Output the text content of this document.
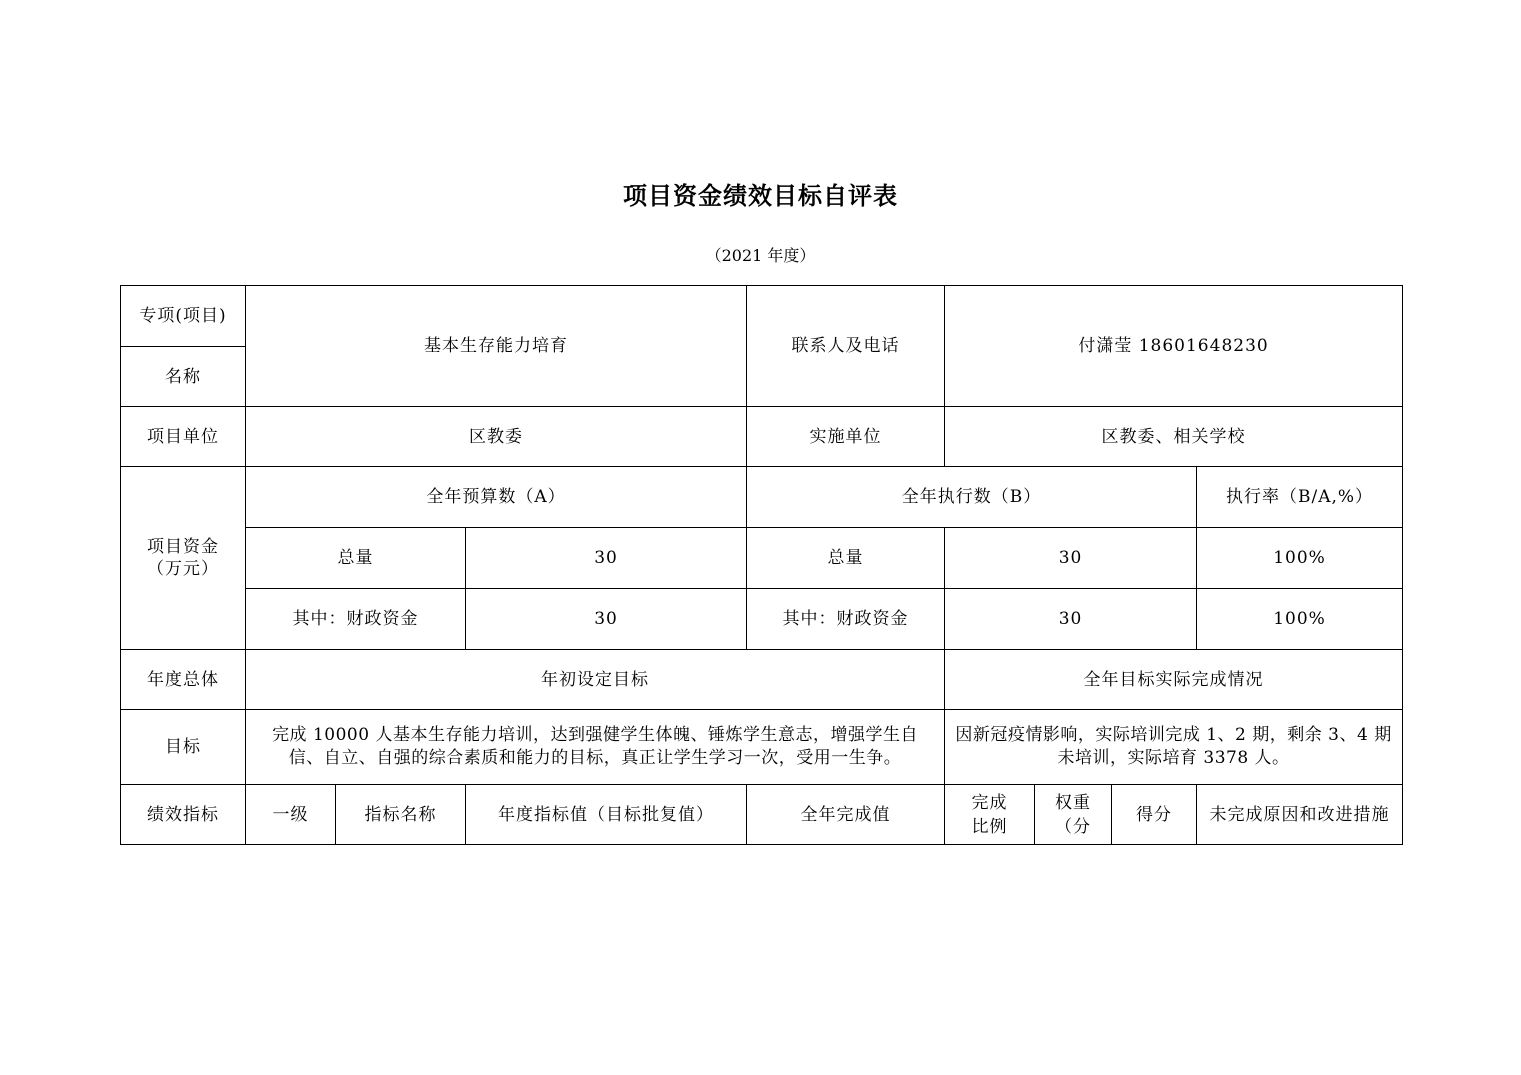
项目资金绩效目标自评表
（2021 年度）
专项(项目)	基本生存能力培育			联系人及电话	付潇莹 18601648230			
名称								
项目单位	区教委			实施单位	区教委、相关学校			
项目资金（万元）	全年预算数（A）			全年执行数（B）				执行率（B/A,%）
	总量		30	总量	30			100%
	其中：财政资金		30	其中：财政资金	30			100%
年度总体	年初设定目标				全年目标实际完成情况			
目标	完成 10000 人基本生存能力培训，达到强健学生体魄、锤炼学生意志，增强学生自信、自立、自强的综合素质和能力的目标，真正让学生学习一次，受用一生争。				因新冠疫情影响，实际培训完成 1、2 期，剩余 3、4 期未培训，实际培育 3378 人。			
绩效指标	一级	指标名称	年度指标值（目标批复值）	全年完成值	完成比例	权重（分	得分	未完成原因和改进措施
